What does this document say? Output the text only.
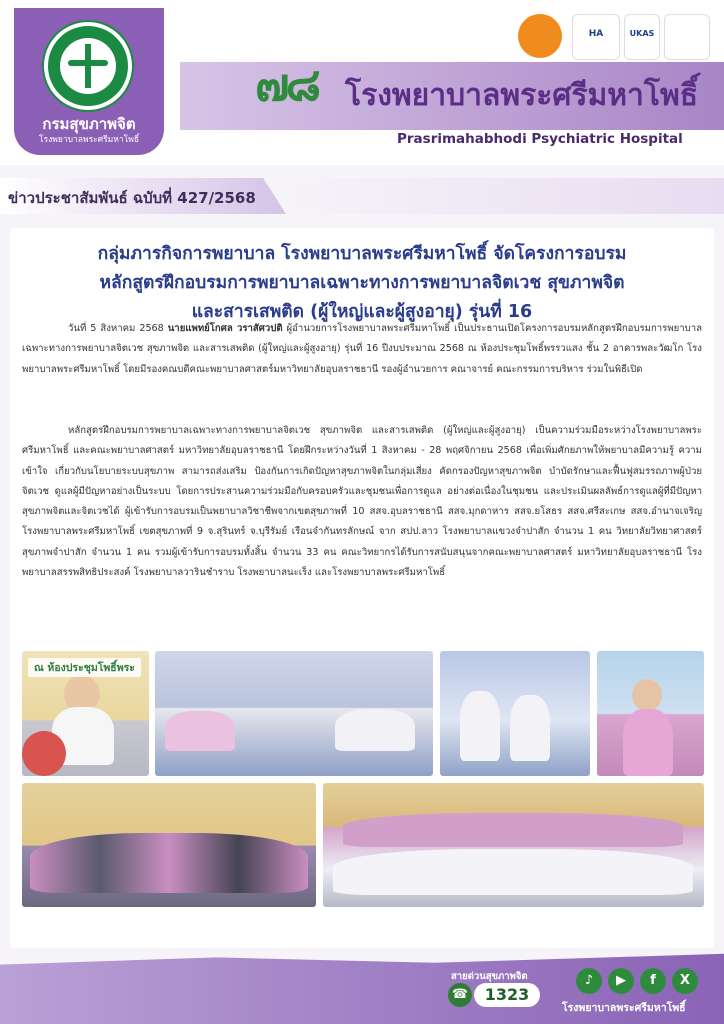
กรมสุขภาพจิต
โรงพยาบาลพระศรีมหาโพธิ์
๗๘ โรงพยาบาลพระศรีมหาโพธิ์
Prasrimahabhodi Psychiatric Hospital
HA	UKAS
ข่าวประชาสัมพันธ์ ฉบับที่ 427/2568
กลุ่มภารกิจการพยาบาล โรงพยาบาลพระศรีมหาโพธิ์ จัดโครงการอบรม
หลักสูตรฝึกอบรมการพยาบาลเฉพาะทางการพยาบาลจิตเวช สุขภาพจิต
และสารเสพติด (ผู้ใหญ่และผู้สูงอายุ) รุ่นที่ 16
วันที่ 5 สิงหาคม 2568 นายแพทย์โกศล วราสัศวปติ ผู้อำนวยการโรงพยาบาลพระศรีมหาโพธิ์ เป็นประธานเปิดโครงการอบรมหลักสูตรฝึกอบรมการพยาบาลเฉพาะทางการพยาบาลจิตเวช สุขภาพจิต และสารเสพติด (ผู้ใหญ่และผู้สูงอายุ) รุ่นที่ 16 ปีงบประมาณ 2568 ณ ห้องประชุมโพธิ์พรรวแสง ชั้น 2 อาคารพละวัฒโก โรงพยาบาลพระศรีมหาโพธิ์ โดยมีรองคณบดีคณะพยาบาลศาสตร์มหาวิทยาลัยอุบลราชธานี รองผู้อำนวยการ คณาจารย์ คณะกรรมการบริหาร ร่วมในพิธีเปิด
หลักสูตรฝึกอบรมการพยาบาลเฉพาะทางการพยาบาลจิตเวช สุขภาพจิต และสารเสพติด (ผู้ใหญ่และผู้สูงอายุ) เป็นความร่วมมือระหว่างโรงพยาบาลพระศรีมหาโพธิ์ และคณะพยาบาลศาสตร์ มหาวิทยาลัยอุบลราชธานี โดยฝึกระหว่างวันที่ 1 สิงหาคม - 28 พฤศจิกายน 2568 เพื่อเพิ่มศักยภาพให้พยาบาลมีความรู้ ความเข้าใจ เกี่ยวกับนโยบายระบบสุขภาพ สามารถส่งเสริม ป้องกันการเกิดปัญหาสุขภาพจิตในกลุ่มเสี่ยง คัดกรองปัญหาสุขภาพจิต บำบัดรักษาและฟื้นฟูสมรรถภาพผู้ป่วยจิตเวช ดูแลผู้มีปัญหาอย่างเป็นระบบ โดยการประสานความร่วมมือกับครอบครัวและชุมชนเพื่อการดูแล อย่างต่อเนื่องในชุมชน และประเมินผลลัพธ์การดูแลผู้ที่มีปัญหาสุขภาพจิตและจิตเวชได้ ผู้เข้ารับการอบรมเป็นพยาบาลวิชาชีพจากเขตสุขภาพที่ 10 สสจ.อุบลราชธานี สสจ.มุกดาหาร สสจ.ยโสธร สสจ.ศรีสะเกษ สสจ.อำนาจเจริญ โรงพยาบาลพระศรีมหาโพธิ์ เขตสุขภาพที่ 9 จ.สุรินทร์ จ.บุรีรัมย์ เรือนจำกันทรลักษณ์ จาก สปป.ลาว โรงพยาบาลแขวงจำปาสัก จำนวน 1 คน วิทยาลัยวิทยาศาสตร์สุขภาพจำปาสัก จำนวน 1 คน รวมผู้เข้ารับการอบรมทั้งสิ้น จำนวน 33 คน คณะวิทยากรได้รับการสนับสนุนจากคณะพยาบาลศาสตร์ มหาวิทยาลัยอุบลราชธานี โรงพยาบาลสรรพสิทธิประสงค์ โรงพยาบาลวารินชำราบ โรงพยาบาลนะเร็ง และโรงพยาบาลพระศรีมหาโพธิ์
ณ ห้องประชุมโพธิ์พระ
สายด่วนสุขภาพจิต
☎	1323
♪	▶	f	X
โรงพยาบาลพระศรีมหาโพธิ์
